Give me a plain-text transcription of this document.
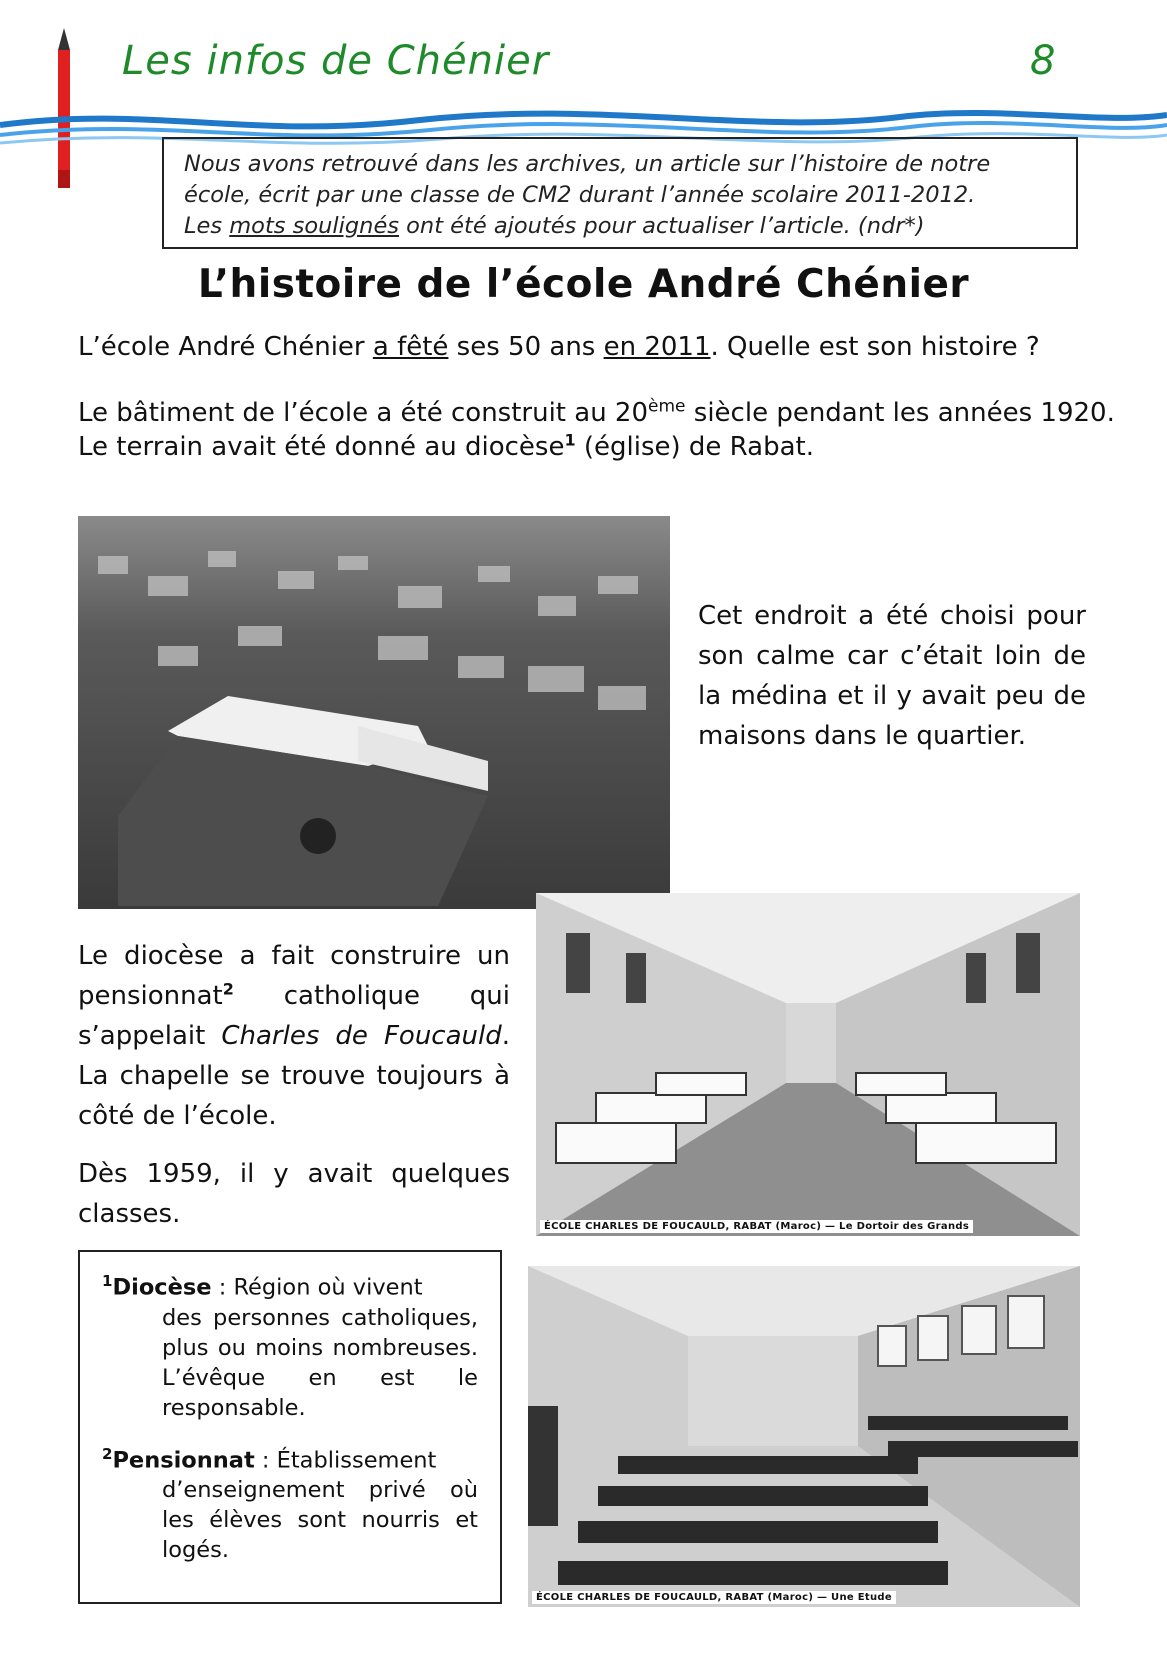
Les infos de Chénier	8

Nous avons retrouvé dans les archives, un article sur l’histoire de notre

école, écrit par une classe de CM2 durant l’année scolaire 2011-2012.

Les mots soulignés ont été ajoutés pour actualiser l’article. (ndr*)

L’histoire de l’école André Chénier

L’école André Chénier a fêté ses 50 ans en 2011. Quelle est son histoire ?

Le bâtiment de l’école a été construit au 20ème siècle pendant les années 1920.

Le terrain avait été donné au diocèse$^1$ (église) de Rabat.

Cet endroit a été choisi pour son calme car c’était loin de la médina et il y avait peu de maisons dans le quartier.
Le diocèse a fait construire un pensionnat$^2$ catholique qui s’appelait Charles de Foucauld. La chapelle se trouve toujours à côté de l’école.
Dès 1959, il y avait quelques classes.	ÉCOLE CHARLES DE FOUCAULD, RABAT (Maroc) — Le Dortoir des Grands
$^1$Diocèse : Région où vivent
des personnes catholiques, plus ou moins nombreuses. L’évêque en est le responsable.
$^2$Pensionnat : Établissement
d’enseignement privé où les élèves sont nourris et logés.
ÉCOLE CHARLES DE FOUCAULD, RABAT (Maroc) — Une Etude
